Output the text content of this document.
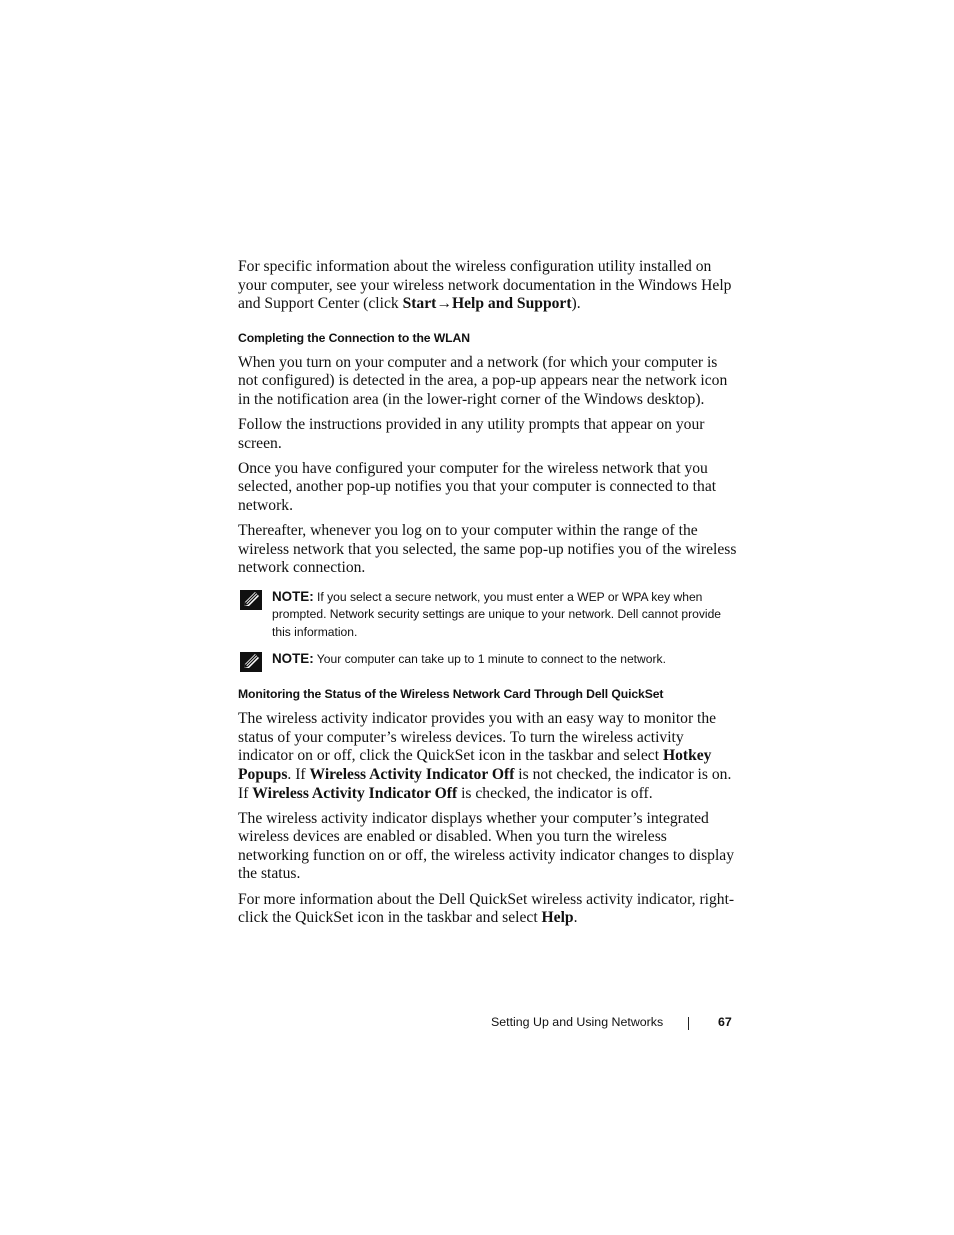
For specific information about the wireless configuration utility installed on your computer, see your wireless network documentation in the Windows Help and Support Center (click Start→Help and Support).

Completing the Connection to the WLAN

When you turn on your computer and a network (for which your computer is not configured) is detected in the area, a pop-up appears near the network icon in the notification area (in the lower-right corner of the Windows desktop).

Follow the instructions provided in any utility prompts that appear on your screen.

Once you have configured your computer for the wireless network that you selected, another pop-up notifies you that your computer is connected to that network.

Thereafter, whenever you log on to your computer within the range of the wireless network that you selected, the same pop-up notifies you of the wireless network connection.

NOTE: If you select a secure network, you must enter a WEP or WPA key when prompted. Network security settings are unique to your network. Dell cannot provide this information.
NOTE: Your computer can take up to 1 minute to connect to the network.
Monitoring the Status of the Wireless Network Card Through Dell QuickSet

The wireless activity indicator provides you with an easy way to monitor the status of your computer’s wireless devices. To turn the wireless activity indicator on or off, click the QuickSet icon in the taskbar and select Hotkey Popups. If Wireless Activity Indicator Off is not checked, the indicator is on. If Wireless Activity Indicator Off is checked, the indicator is off.

The wireless activity indicator displays whether your computer’s integrated wireless devices are enabled or disabled. When you turn the wireless networking function on or off, the wireless activity indicator changes to display the status.

For more information about the Dell QuickSet wireless activity indicator, right-click the QuickSet icon in the taskbar and select Help.

Setting Up and Using Networks	67
